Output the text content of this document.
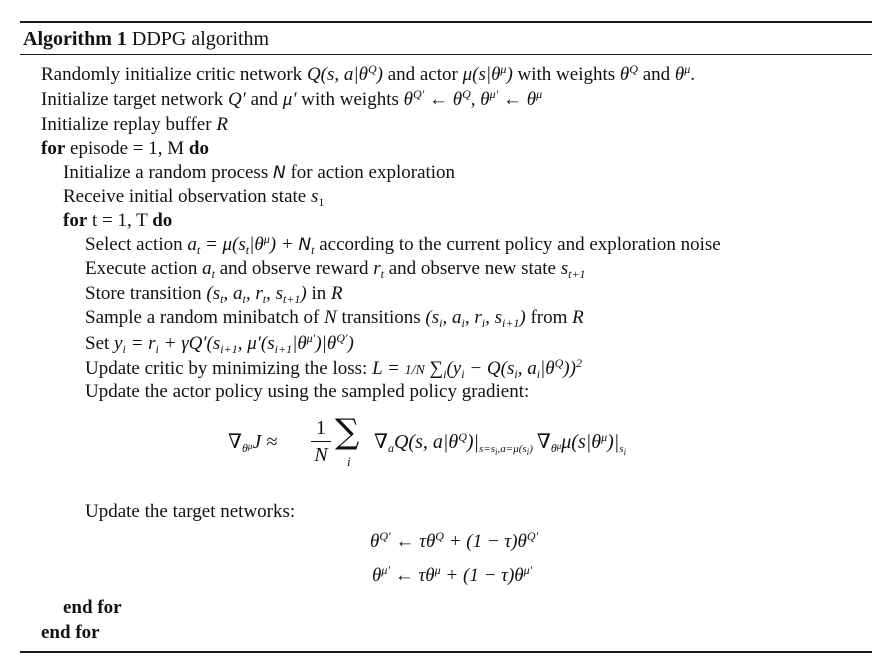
Algorithm 1 DDPG algorithm
Randomly initialize critic network Q(s, $a|\theta^Q$) and actor $\mu(s|\theta^\mu)$ with weights $\theta^Q$ and $\theta^\mu$.
Initialize target network Q′ and μ′ with weights $\theta^{Q'}$ ← $\theta^Q$, $\theta^{\mu'}$ ← $\theta^\mu$
Initialize replay buffer R
for episode = 1, M do
Initialize a random process N for action exploration
Receive initial observation state $s_1$
for t = 1, T do
Select action $a_t = \mu(s_t|\theta^\mu) + N_t$ according to the current policy and exploration noise
Execute action $a_t$ and observe reward $r_t$ and observe new state $s_{t+1}$
Store transition ($s_t$, $a_t$, $r_t$, $s_{t+1}$) in R
Sample a random minibatch of N transitions ($s_i$, $a_i$, $r_i$, $s_{i+1}$) from R
Set $y_i = r_i + \gamma Q'(s_{i+1}$, $\mu'(s_{i+1}|\theta^{\mu'})|\theta^{Q'}$)
Update critic by minimizing the loss: L = 1/N $\sum_i(y_i - Q(s_i$, $a_i|\theta^Q))^2$
Update the actor policy using the sampled policy gradient:
$\nabla_\theta^\mu J$ ≈
1
N
∑
i
$\nabla_aQ(s$, $a|\theta^Q)|_{s=si,a=\mu(si)}$ $\nabla_\theta^\mu\mu(s|\theta^\mu)|_{si}$
Update the target networks:
$\theta^{Q'}$ ← $\tau\theta^Q + (1 - \tau)\theta^{Q'}$
$\theta^{\mu'}$ ← $\tau\theta^\mu + (1 - \tau)\theta^{\mu'}$
end for
end for
